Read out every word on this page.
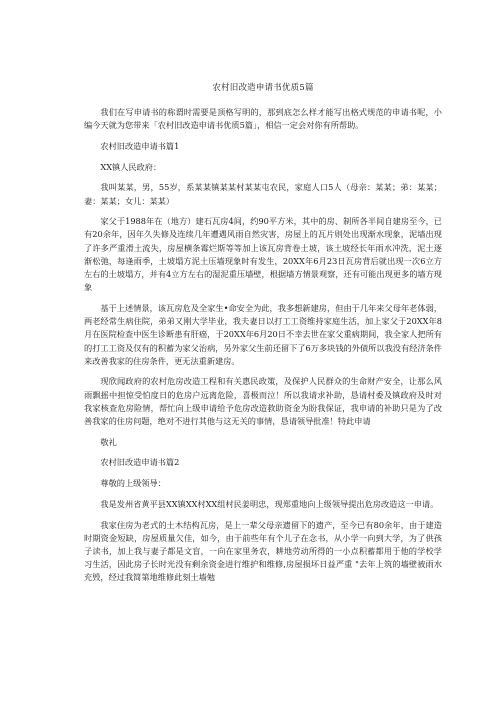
农村旧改造申请书优质5篇

我们在写申请书的称谓时需要是顶格写明的，那到底怎么样才能写出格式规范的申请书呢，小编今天就为您带来「农村旧改造申请书优质5篇」，相信一定会对你有所帮助。

农村旧改造申请书篇1

XX镇人民政府：

我叫某某，男，55岁，系某某镇某某村某某屯农民，家庭人口5人（母亲：某某；弟：某某；妻：某某；女儿：某某）

家父于1988年在（地方）建石瓦房4间，约90平方米，其中的房、制所各半间自建房至今，已有20余年，因年久失修及连续几年遭遇风雨自然灾害，房屋上的瓦片则处出现渐水现象，泥墙出现了许多严重滑土流失，房屋横条霉烂斯等等加上该瓦房背卷土坡，该土坡经长年雨水冲洗，泥土逐渐松弛，每逢雨季，土坡塌方泥土压墙现象时有发生，20XX年6月23日瓦房背后就出现一次6立方左右的土坡塌方，并有4立方左右的湿泥重压墙壁，根据墙方情景观察，还有可能出现更多的墙方现象

基于上述情景，该瓦房危及全家生•命安全为此，我多想新建房，但由于几年来父母年老体弱，两老经常生病住院，弟弟又刚大学毕业，我夫妻日以打工工资维持家庭生活，加上家父于20XX年8月在医院检查中医生诊断患有肝癌，于20XX年6月20日不幸去世在家父重病期间，我全家人把所有的打工工资及仅有的积蓄为家父治病，另外家父生前还留下了6万多块钱的外债所以我没有经济条件来改善我家的住房条件，更无法重新建房。

现欣闻政府的农村危房改造工程和有关惠民政策，及保护人民群众的生命财产安全，让那么风雨飘摇中担惊受怕度日的危房户远离危险，喜极而泣！所以我请求补助，恳请村委及镇政府及时对我家核查危房险情，帮忙向上级申请给予危房改造救助资金为盼我保证，我申请的补助只是为了改善我家的住房问题，绝对不进行其他与这无关的事情，恳请领导批准！特此申请

敬礼

农村旧改造申请书篇2

尊敬的上级领导：

我是发州省黄平县XX镇XX村XX组村民姜明忠，现郑重地向上级领导提出危房改造这一申请。

我家住房为老式的土木结构瓦房，是上一辈父母亲遗留下的遗产，至今已有80余年，由于建造时期资金短缺，房屋质量欠佳，如今，由于前些年有个儿子在念书，从小学一向到大学，为了供孩子读书，加上我与妻子都是文盲，一向在家里务农，耕地劳动所得的一小点积蓄都用于他的学校学习生活，因此房子长时光没有剩余资金进行维护和维修,房屋损坏日益严重 "去年上筑的墙壁被雨水充毁，经过我简第地维修此刻土墙勉
